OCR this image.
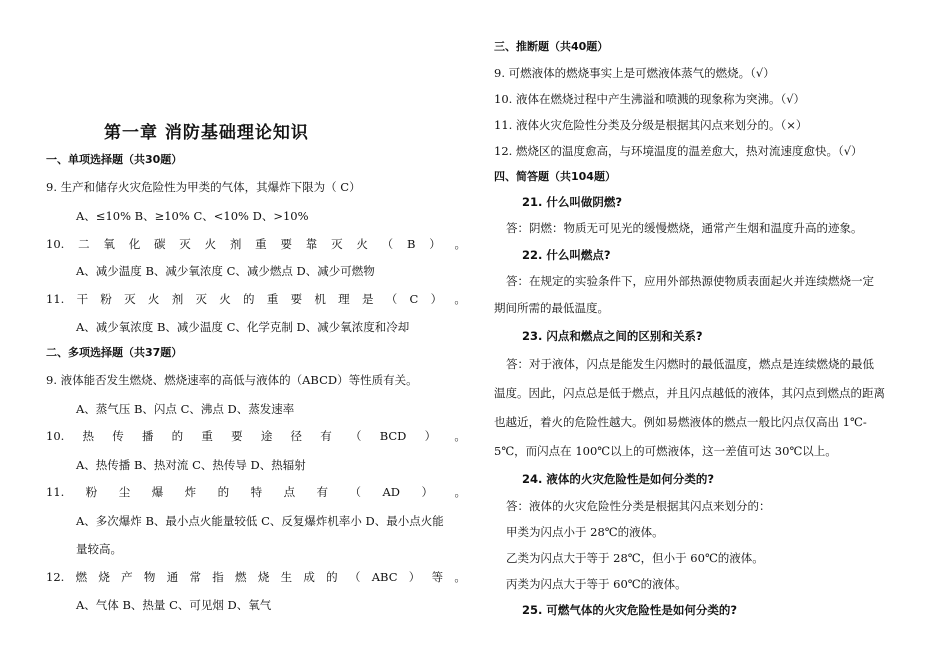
第一章 消防基础理论知识
一、单项选择题（共30题）
9. 生产和储存火灾危险性为甲类的气体，其爆炸下限为（ C）
A、≤10% B、≥10% C、<10% D、>10%
10. 二 氧 化 碳 灭 火 剂 重 要 靠 灭 火 （ B ） 。
A、减少温度 B、减少氧浓度 C、减少燃点 D、减少可燃物
11. 干 粉 灭 火 剂 灭 火 的 重 要 机 理 是 （ C ） 。
A、减少氧浓度 B、减少温度 C、化学克制 D、减少氧浓度和冷却
二、多项选择题（共37题）
9. 液体能否发生燃烧、燃烧速率的高低与液体的（ABCD）等性质有关。
A、蒸气压 B、闪点 C、沸点 D、蒸发速率
10. 热 传 播 的 重 要 途 径 有 （ BCD ） 。
A、热传播 B、热对流 C、热传导 D、热辐射
11. 粉 尘 爆 炸 的 特 点 有 （ AD ） 。
A、多次爆炸 B、最小点火能量较低 C、反复爆炸机率小 D、最小点火能
量较高。
12. 燃 烧 产 物 通 常 指 燃 烧 生 成 的 （ ABC ） 等 。
A、气体 B、热量 C、可见烟 D、氧气
三、推断题（共40题）
9. 可燃液体的燃烧事实上是可燃液体蒸气的燃烧。（√）
10. 液体在燃烧过程中产生沸溢和喷溅的现象称为突沸。（√）
11. 液体火灾危险性分类及分级是根据其闪点来划分的。（×）
12. 燃烧区的温度愈高，与环境温度的温差愈大，热对流速度愈快。（√）
四、简答题（共104题）
21. 什么叫做阴燃?
答：阴燃：物质无可见光的缓慢燃烧，通常产生烟和温度升高的迹象。
22. 什么叫燃点?
答：在规定的实验条件下，应用外部热源使物质表面起火并连续燃烧一定
期间所需的最低温度。
23. 闪点和燃点之间的区别和关系?
答：对于液体，闪点是能发生闪燃时的最低温度，燃点是连续燃烧的最低
温度。因此，闪点总是低于燃点，并且闪点越低的液体，其闪点到燃点的距离
也越近，着火的危险性越大。例如易燃液体的燃点一般比闪点仅高出 1℃-
5℃，而闪点在 100℃以上的可燃液体，这一差值可达 30℃以上。
24. 液体的火灾危险性是如何分类的?
答：液体的火灾危险性分类是根据其闪点来划分的：
甲类为闪点小于 28℃的液体。
乙类为闪点大于等于 28℃，但小于 60℃的液体。
丙类为闪点大于等于 60℃的液体。
25. 可燃气体的火灾危险性是如何分类的?
